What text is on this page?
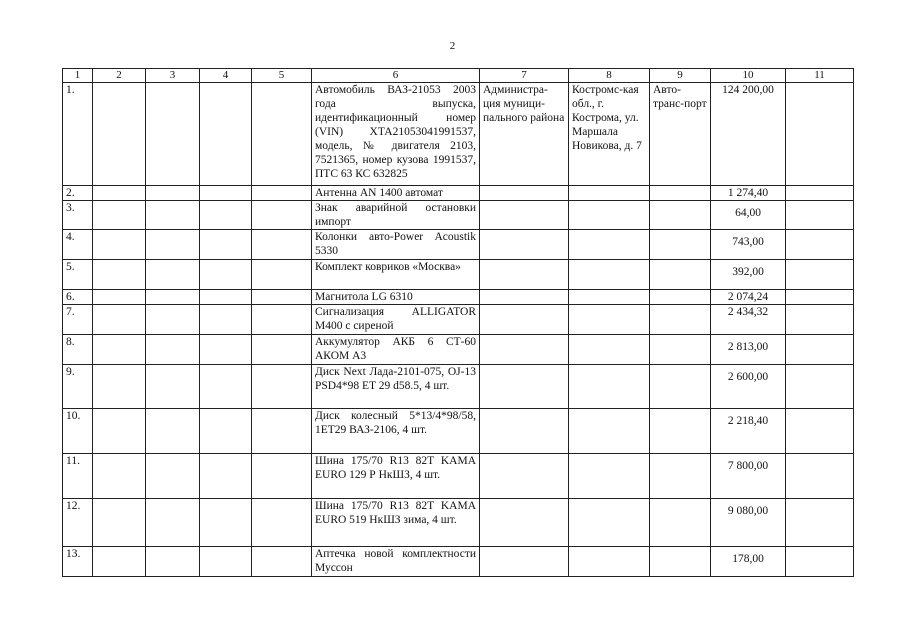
2
1	2	3	4	5	6	7	8	9	10	11
1.					Автомобиль ВАЗ-21053 2003 года выпуска, идентификационный номер (VIN) ХТА21053041991537, модель, № двигателя 2103, 7521365, номер кузова 1991537, ПТС 63 КС 632825	Администра-ция муници-пального района	Костромс-кая обл., г. Кострома, ул. Маршала Новикова, д. 7	Авто-транс-порт	124 200,00	
2.					Антенна AN 1400 автомат				1 274,40	
3.					Знак аварийной остановки импорт				64,00	
4.					Колонки авто-Power Acoustik 5330				743,00	
5.					Комплект ковриков «Москва»				392,00	
6.					Магнитола LG 6310				2 074,24	
7.					Сигнализация ALLIGATOR M400 с сиреной				2 434,32	
8.					Аккумулятор АКБ 6 СТ-60 АКОМ А3				2 813,00	
9.					Диск Next Лада-2101-075, OJ-13 PSD4*98 ET 29 d58.5, 4 шт.				2 600,00	
10.					Диск колесный 5*13/4*98/58, 1ET29 ВАЗ-2106, 4 шт.				2 218,40	
11.					Шина 175/70 R13 82T KAMA EURO 129 Р НкШЗ, 4 шт.				7 800,00	
12.					Шина 175/70 R13 82T KAMA EURO 519 НкШЗ зима, 4 шт.				9 080,00	
13.					Аптечка новой комплектности Муссон				178,00	
